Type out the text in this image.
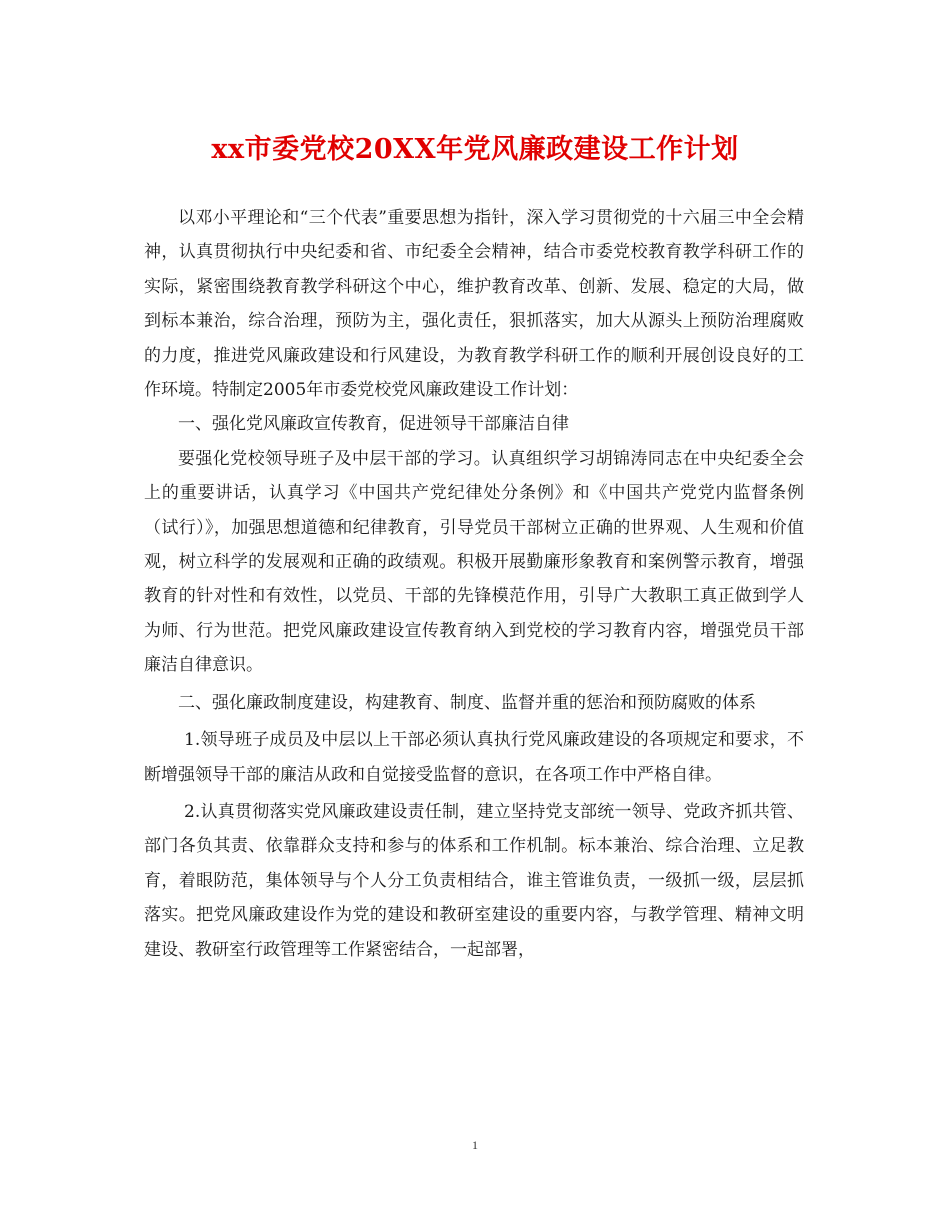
xx市委党校20XX年党风廉政建设工作计划

以邓小平理论和“三个代表”重要思想为指针，深入学习贯彻党的十六届三中全会精神，认真贯彻执行中央纪委和省、市纪委全会精神，结合市委党校教育教学科研工作的实际，紧密围绕教育教学科研这个中心，维护教育改革、创新、发展、稳定的大局，做到标本兼治，综合治理，预防为主，强化责任，狠抓落实，加大从源头上预防治理腐败的力度，推进党风廉政建设和行风建设，为教育教学科研工作的顺利开展创设良好的工作环境。特制定2005年市委党校党风廉政建设工作计划：

一、强化党风廉政宣传教育，促进领导干部廉洁自律

要强化党校领导班子及中层干部的学习。认真组织学习胡锦涛同志在中央纪委全会上的重要讲话，认真学习《中国共产党纪律处分条例》和《中国共产党党内监督条例（试行）》，加强思想道德和纪律教育，引导党员干部树立正确的世界观、人生观和价值观，树立科学的发展观和正确的政绩观。积极开展勤廉形象教育和案例警示教育，增强教育的针对性和有效性，以党员、干部的先锋模范作用，引导广大教职工真正做到学人为师、行为世范。把党风廉政建设宣传教育纳入到党校的学习教育内容，增强党员干部廉洁自律意识。

二、强化廉政制度建设，构建教育、制度、监督并重的惩治和预防腐败的体系

1.领导班子成员及中层以上干部必须认真执行党风廉政建设的各项规定和要求，不断增强领导干部的廉洁从政和自觉接受监督的意识，在各项工作中严格自律。

2.认真贯彻落实党风廉政建设责任制，建立坚持党支部统一领导、党政齐抓共管、部门各负其责、依靠群众支持和参与的体系和工作机制。标本兼治、综合治理、立足教育，着眼防范，集体领导与个人分工负责相结合，谁主管谁负责，一级抓一级，层层抓落实。把党风廉政建设作为党的建设和教研室建设的重要内容，与教学管理、精神文明建设、教研室行政管理等工作紧密结合，一起部署，

1
